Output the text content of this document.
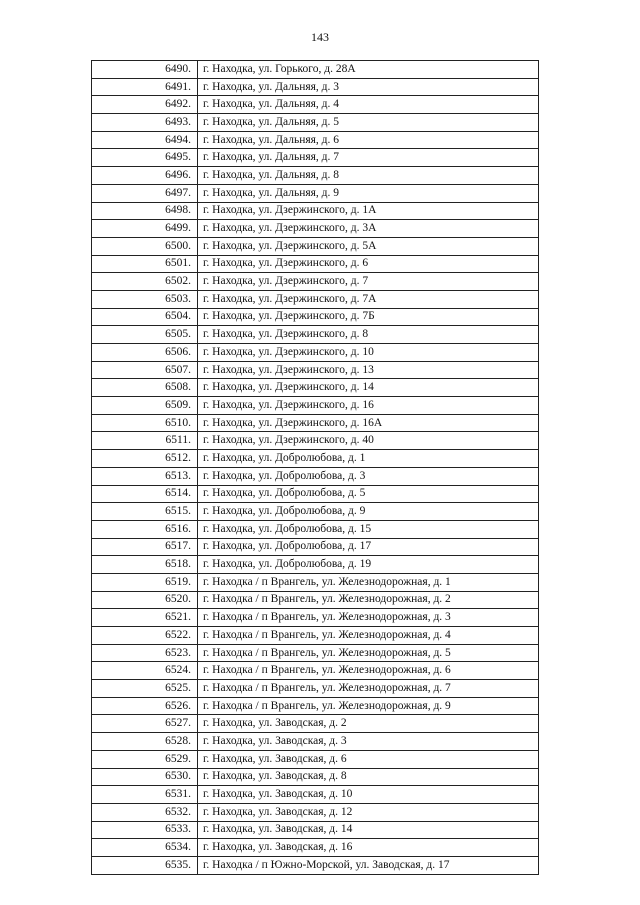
143
6490.	г. Находка, ул. Горького, д. 28А
6491.	г. Находка, ул. Дальняя, д. 3
6492.	г. Находка, ул. Дальняя, д. 4
6493.	г. Находка, ул. Дальняя, д. 5
6494.	г. Находка, ул. Дальняя, д. 6
6495.	г. Находка, ул. Дальняя, д. 7
6496.	г. Находка, ул. Дальняя, д. 8
6497.	г. Находка, ул. Дальняя, д. 9
6498.	г. Находка, ул. Дзержинского, д. 1А
6499.	г. Находка, ул. Дзержинского, д. 3А
6500.	г. Находка, ул. Дзержинского, д. 5А
6501.	г. Находка, ул. Дзержинского, д. 6
6502.	г. Находка, ул. Дзержинского, д. 7
6503.	г. Находка, ул. Дзержинского, д. 7А
6504.	г. Находка, ул. Дзержинского, д. 7Б
6505.	г. Находка, ул. Дзержинского, д. 8
6506.	г. Находка, ул. Дзержинского, д. 10
6507.	г. Находка, ул. Дзержинского, д. 13
6508.	г. Находка, ул. Дзержинского, д. 14
6509.	г. Находка, ул. Дзержинского, д. 16
6510.	г. Находка, ул. Дзержинского, д. 16А
6511.	г. Находка, ул. Дзержинского, д. 40
6512.	г. Находка, ул. Добролюбова, д. 1
6513.	г. Находка, ул. Добролюбова, д. 3
6514.	г. Находка, ул. Добролюбова, д. 5
6515.	г. Находка, ул. Добролюбова, д. 9
6516.	г. Находка, ул. Добролюбова, д. 15
6517.	г. Находка, ул. Добролюбова, д. 17
6518.	г. Находка, ул. Добролюбова, д. 19
6519.	г. Находка / п Врангель, ул. Железнодорожная, д. 1
6520.	г. Находка / п Врангель, ул. Железнодорожная, д. 2
6521.	г. Находка / п Врангель, ул. Железнодорожная, д. 3
6522.	г. Находка / п Врангель, ул. Железнодорожная, д. 4
6523.	г. Находка / п Врангель, ул. Железнодорожная, д. 5
6524.	г. Находка / п Врангель, ул. Железнодорожная, д. 6
6525.	г. Находка / п Врангель, ул. Железнодорожная, д. 7
6526.	г. Находка / п Врангель, ул. Железнодорожная, д. 9
6527.	г. Находка, ул. Заводская, д. 2
6528.	г. Находка, ул. Заводская, д. 3
6529.	г. Находка, ул. Заводская, д. 6
6530.	г. Находка, ул. Заводская, д. 8
6531.	г. Находка, ул. Заводская, д. 10
6532.	г. Находка, ул. Заводская, д. 12
6533.	г. Находка, ул. Заводская, д. 14
6534.	г. Находка, ул. Заводская, д. 16
6535.	г. Находка / п Южно-Морской, ул. Заводская, д. 17
